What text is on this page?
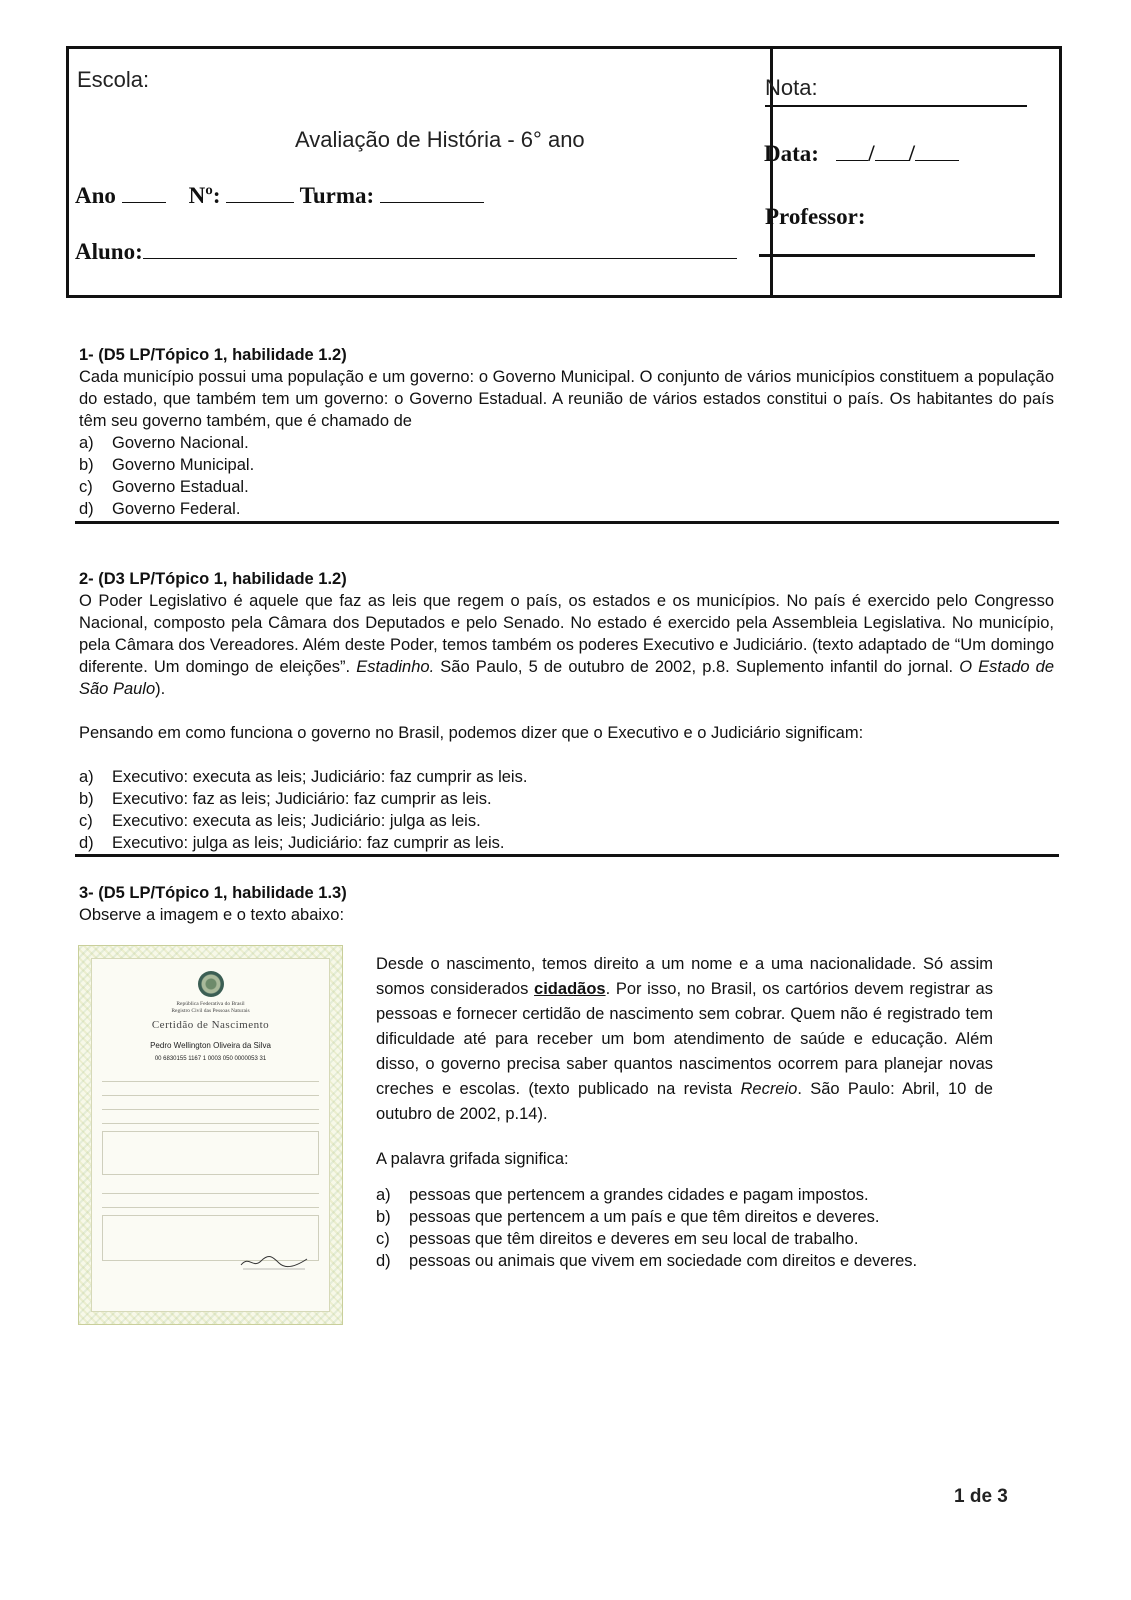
Escola:
Avaliação de História - 6° ano
Ano	Nº:	Turma:
Aluno:
Nota:
Data: / /
Professor:
1- (D5 LP/Tópico 1, habilidade 1.2)
Cada município possui uma população e um governo: o Governo Municipal. O conjunto de vários municípios constituem a população do estado, que também tem um governo: o Governo Estadual. A reunião de vários estados constitui o país. Os habitantes do país têm seu governo também, que é chamado de
a)	Governo Nacional.
b)	Governo Municipal.
c)	Governo Estadual.
d)	Governo Federal.
2- (D3 LP/Tópico 1, habilidade 1.2)
O Poder Legislativo é aquele que faz as leis que regem o país, os estados e os municípios. No país é exercido pelo Congresso Nacional, composto pela Câmara dos Deputados e pelo Senado. No estado é exercido pela Assembleia Legislativa. No município, pela Câmara dos Vereadores. Além deste Poder, temos também os poderes Executivo e Judiciário. (texto adaptado de “Um domingo diferente. Um domingo de eleições”. Estadinho. São Paulo, 5 de outubro de 2002, p.8. Suplemento infantil do jornal. O Estado de São Paulo).
Pensando em como funciona o governo no Brasil, podemos dizer que o Executivo e o Judiciário significam:
a)	Executivo: executa as leis; Judiciário: faz cumprir as leis.
b)	Executivo: faz as leis; Judiciário: faz cumprir as leis.
c)	Executivo: executa as leis; Judiciário: julga as leis.
d)	Executivo: julga as leis; Judiciário: faz cumprir as leis.
3- (D5 LP/Tópico 1, habilidade 1.3)
Observe a imagem e o texto abaixo:
República Federativa do Brasil
Registro Civil das Pessoas Naturais
Certidão de Nascimento
Pedro Wellington Oliveira da Silva
00 6830155 1167 1 0003 050 0000053 31
Desde o nascimento, temos direito a um nome e a uma nacionalidade. Só assim somos considerados cidadãos. Por isso, no Brasil, os cartórios devem registrar as pessoas e fornecer certidão de nascimento sem cobrar. Quem não é registrado tem dificuldade até para receber um bom atendimento de saúde e educação. Além disso, o governo precisa saber quantos nascimentos ocorrem para planejar novas creches e escolas. (texto publicado na revista Recreio. São Paulo: Abril, 10 de outubro de 2002, p.14).
A palavra grifada significa:
a)	pessoas que pertencem a grandes cidades e pagam impostos.
b)	pessoas que pertencem a um país e que têm direitos e deveres.
c)	pessoas que têm direitos e deveres em seu local de trabalho.
d)	pessoas ou animais que vivem em sociedade com direitos e deveres.
1 de 3
